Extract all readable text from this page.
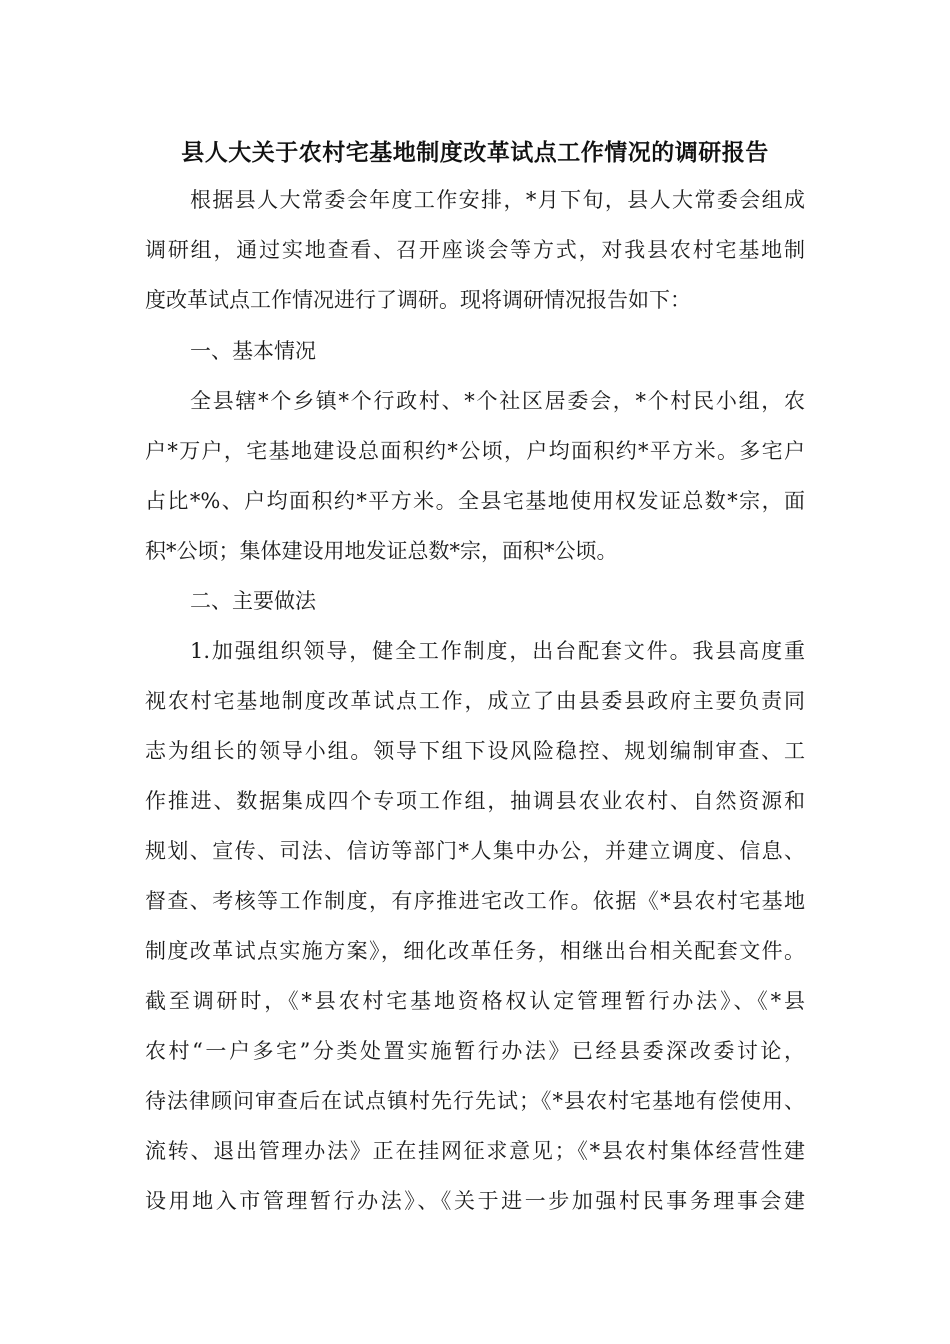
县人大关于农村宅基地制度改革试点工作情况的调研报告
根据县人大常委会年度工作安排，*月下旬，县人大常委会组成
调研组，通过实地查看、召开座谈会等方式，对我县农村宅基地制
度改革试点工作情况进行了调研。现将调研情况报告如下：
一、基本情况
全县辖*个乡镇*个行政村、*个社区居委会，*个村民小组，农
户*万户，宅基地建设总面积约*公顷，户均面积约*平方米。多宅户
占比*%、户均面积约*平方米。全县宅基地使用权发证总数*宗，面
积*公顷；集体建设用地发证总数*宗，面积*公顷。
二、主要做法
1.加强组织领导，健全工作制度，出台配套文件。我县高度重
视农村宅基地制度改革试点工作，成立了由县委县政府主要负责同
志为组长的领导小组。领导下组下设风险稳控、规划编制审查、工
作推进、数据集成四个专项工作组，抽调县农业农村、自然资源和
规划、宣传、司法、信访等部门*人集中办公，并建立调度、信息、
督查、考核等工作制度，有序推进宅改工作。依据《*县农村宅基地
制度改革试点实施方案》，细化改革任务，相继出台相关配套文件。
截至调研时，《*县农村宅基地资格权认定管理暂行办法》、《*县
农村“一户多宅”分类处置实施暂行办法》已经县委深改委讨论，
待法律顾问审查后在试点镇村先行先试；《*县农村宅基地有偿使用、
流转、退出管理办法》正在挂网征求意见；《*县农村集体经营性建
设用地入市管理暂行办法》、《关于进一步加强村民事务理事会建
